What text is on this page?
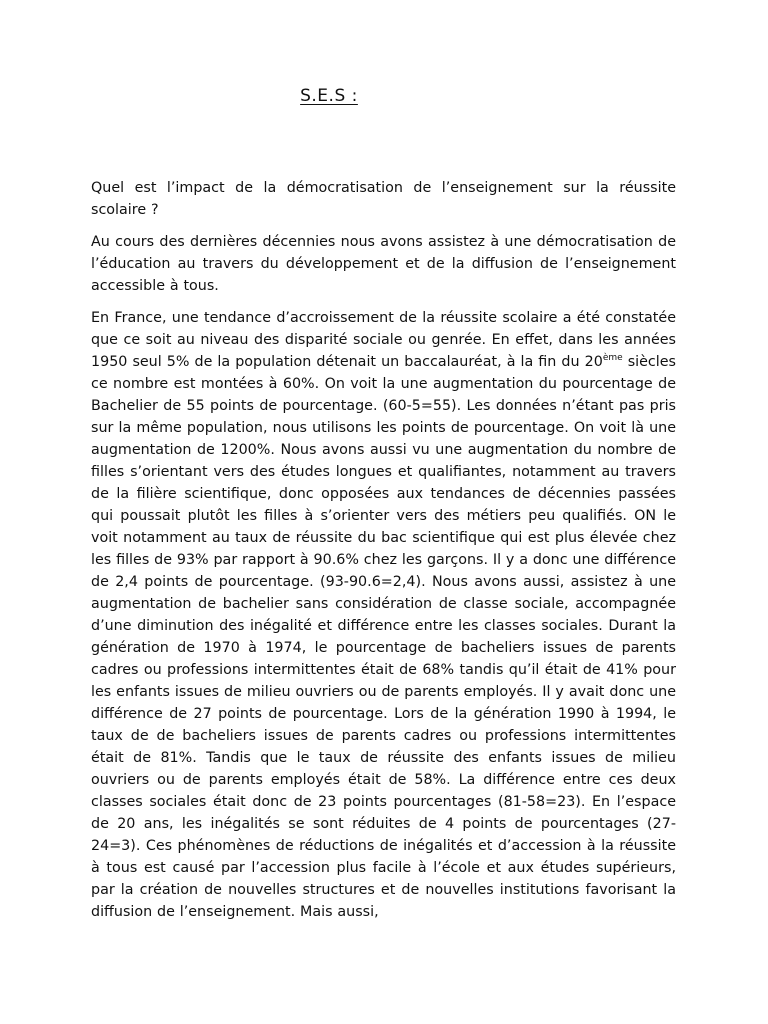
S.E.S :

Quel est l’impact de la démocratisation de l’enseignement sur la réussite scolaire ?

Au cours des dernières décennies nous avons assistez à une démocratisation de l’éducation au travers du développement et de la diffusion de l’enseignement accessible à tous.

En France, une tendance d’accroissement de la réussite scolaire a été constatée que ce soit au niveau des disparité sociale ou genrée. En effet, dans les années 1950 seul 5% de la population détenait un baccalauréat, à la fin du 20ème siècles ce nombre est montées à 60%. On voit la une augmentation du pourcentage de Bachelier de 55 points de pourcentage. (60-5=55). Les données n’étant pas pris sur la même population, nous utilisons les points de pourcentage. On voit là une augmentation de 1200%. Nous avons aussi vu une augmentation du nombre de filles s’orientant vers des études longues et qualifiantes, notamment au travers de la filière scientifique, donc opposées aux tendances de décennies passées qui poussait plutôt les filles à s’orienter vers des métiers peu qualifiés. ON le voit notamment au taux de réussite du bac scientifique qui est plus élevée chez les filles de 93% par rapport à 90.6% chez les garçons. Il y a donc une différence de 2,4 points de pourcentage. (93-90.6=2,4). Nous avons aussi, assistez à une augmentation de bachelier sans considération de classe sociale, accompagnée d’une diminution des inégalité et différence entre les classes sociales. Durant la génération de 1970 à 1974, le pourcentage de bacheliers issues de parents cadres ou professions intermittentes était de 68% tandis qu’il était de 41% pour les enfants issues de milieu ouvriers ou de parents employés. Il y avait donc une différence de 27 points de pourcentage. Lors de la génération 1990 à 1994, le taux de de bacheliers issues de parents cadres ou professions intermittentes était de 81%. Tandis que le taux de réussite des enfants issues de milieu ouvriers ou de parents employés était de 58%. La différence entre ces deux classes sociales était donc de 23 points pourcentages (81-58=23). En l’espace de 20 ans, les inégalités se sont réduites de 4 points de pourcentages (27-24=3). Ces phénomènes de réductions de inégalités et d’accession à la réussite à tous est causé par l’accession plus facile à l’école et aux études supérieurs, par la création de nouvelles structures et de nouvelles institutions favorisant la diffusion de l’enseignement. Mais aussi,
